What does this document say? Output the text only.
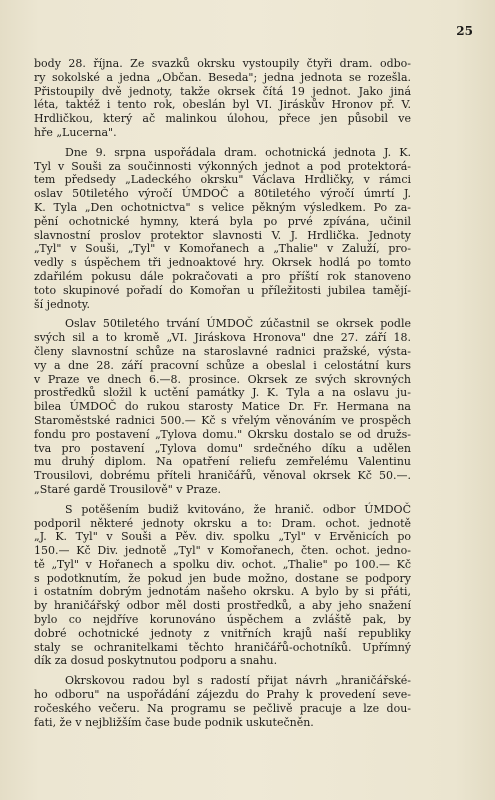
25
body 28. října. Ze svazků okrsku vystoupily čtyři dram. odbo-
ry sokolské a jedna „Občan. Beseda"; jedna jednota se rozešla.
Přistoupily dvě jednoty, takže okrsek čítá 19 jednot. Jako jiná
léta, taktéž i tento rok, obeslán byl VI. Jiráskův Hronov př. V.
Hrdličkou, který ač malinkou úlohou, přece jen působil ve
hře „Lucerna".
Dne 9. srpna uspořádala dram. ochotnická jednota J. K.
Tyl v Souši za součinnosti výkonných jednot a pod protektorá-
tem předsedy „Ladeckého okrsku" Václava Hrdličky, v rámci
oslav 50tiletého výročí ÚMDOČ a 80tiletého výročí úmrtí J.
K. Tyla „Den ochotnictva" s velice pěkným výsledkem. Po za-
pění ochotnické hymny, která byla po prvé zpívána, učinil
slavnostní proslov protektor slavnosti V. J. Hrdlička. Jednoty
„Tyl" v Souši, „Tyl" v Komořanech a „Thalie" v Zaluží, pro-
vedly s úspěchem tři jednoaktové hry. Okrsek hodlá po tomto
zdařilém pokusu dále pokračovati a pro příští rok stanoveno
toto skupinové pořadí do Komořan u příležitosti jubilea tamějí-
ší jednoty.
Oslav 50tiletého trvání ÚMDOČ zúčastnil se okrsek podle
svých sil a to kromě „VI. Jiráskova Hronova" dne 27. září 18.
členy slavnostní schůze na staroslavné radnici pražské, výsta-
vy a dne 28. září pracovní schůze a obeslal i celostátní kurs
v Praze ve dnech 6.—8. prosince. Okrsek ze svých skrovných
prostředků složil k uctění památky J. K. Tyla a na oslavu ju-
bilea ÚMDOČ do rukou starosty Matice Dr. Fr. Hermana na
Staroměstské radnici 500.— Kč s vřelým věnováním ve prospěch
fondu pro postavení „Tylova domu." Okrsku dostalo se od družs-
tva pro postavení „Tylova domu" srdečného díku a udělen
mu druhý diplom. Na opatření reliefu zemřelému Valentinu
Trousilovi, dobrému příteli hraničářů, věnoval okrsek Kč 50.—.
„Staré gardě Trousilově" v Praze.
S potěšením budiž kvitováno, že hranič. odbor ÚMDOČ
podporil některé jednoty okrsku a to: Dram. ochot. jednotě
„J. K. Tyl" v Souši a Pěv. div. spolku „Tyl" v Ervěnicích po
150.— Kč Div. jednotě „Tyl" v Komořanech, čten. ochot. jedno-
tě „Tyl" v Hořanech a spolku div. ochot. „Thalie" po 100.— Kč
s podotknutím, že pokud jen bude možno, dostane se podpory
i ostatním dobrým jednotám našeho okrsku. A bylo by si přáti,
by hraničářský odbor měl dosti prostředků, a aby jeho snažení
bylo co nejdříve korunováno úspěchem a zvláště pak, by
dobré ochotnické jednoty z vnitřních krajů naší republiky
staly se ochranitelkami těchto hraničářů-ochotníků. Upřímný
dík za dosud poskytnutou podporu a snahu.
Okrskovou radou byl s radostí přijat návrh „hraničářské-
ho odboru" na uspořádání zájezdu do Prahy k provedení seve-
ročeského večeru. Na programu se pečlivě pracuje a lze dou-
fati, že v nejbližším čase bude podnik uskutečněn.
